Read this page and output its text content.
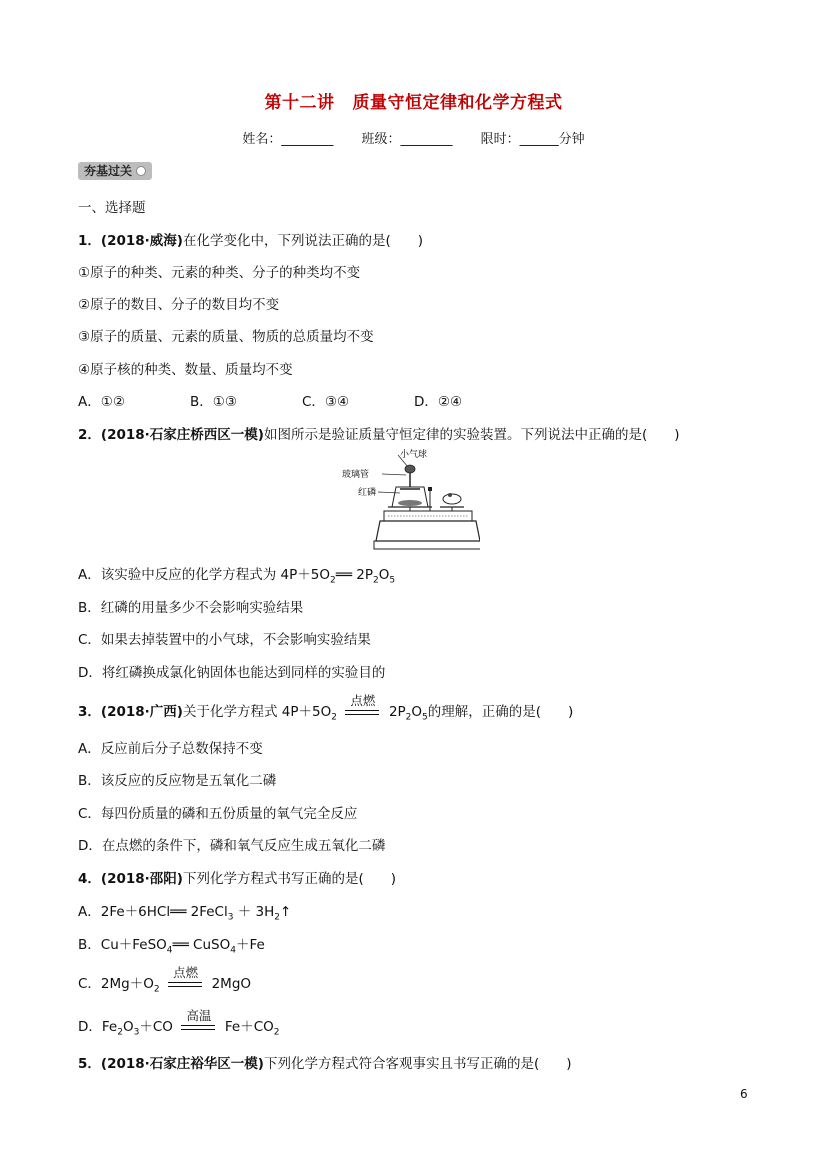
第十二讲 质量守恒定律和化学方程式
姓名：________ 班级：________ 限时：______分钟
夯基过关
一、选择题
1．(2018·威海)在化学变化中，下列说法正确的是(　　)
①原子的种类、元素的种类、分子的种类均不变
②原子的数目、分子的数目均不变
③原子的质量、元素的质量、物质的总质量均不变
④原子核的种类、数量、质量均不变
A．①②	B．①③	C．③④	D．②④
2．(2018·石家庄桥西区一模)如图所示是验证质量守恒定律的实验装置。下列说法中正确的是(　　)
小气球
玻璃管
红磷
A．该实验中反应的化学方程式为 $4P+5O_2══$ $2P_2O_5$
B．红磷的用量多少不会影响实验结果
C．如果去掉装置中的小气球，不会影响实验结果
D．将红磷换成氯化钠固体也能达到同样的实验目的
3．(2018·广西)关于化学方程式 $4P+5O_2$
点燃
$2P_2O_5$的理解，正确的是(　　)
A．反应前后分子总数保持不变
B．该反应的反应物是五氧化二磷
C．每四份质量的磷和五份质量的氧气完全反应
D．在点燃的条件下，磷和氧气反应生成五氧化二磷
4．(2018·邵阳)下列化学方程式书写正确的是(　　)
A．2Fe＋6HCl══ 2FeCl$_3$ ＋ $3H_2↑$
B．Cu＋FeSO$_4$══ CuSO$_4$＋Fe
C．$2Mg+O_2$
点燃
2MgO
D．$Fe_2O_3+CO$
高温
$Fe+CO_2$
5．(2018·石家庄裕华区一模)下列化学方程式符合客观事实且书写正确的是(　　)
6
